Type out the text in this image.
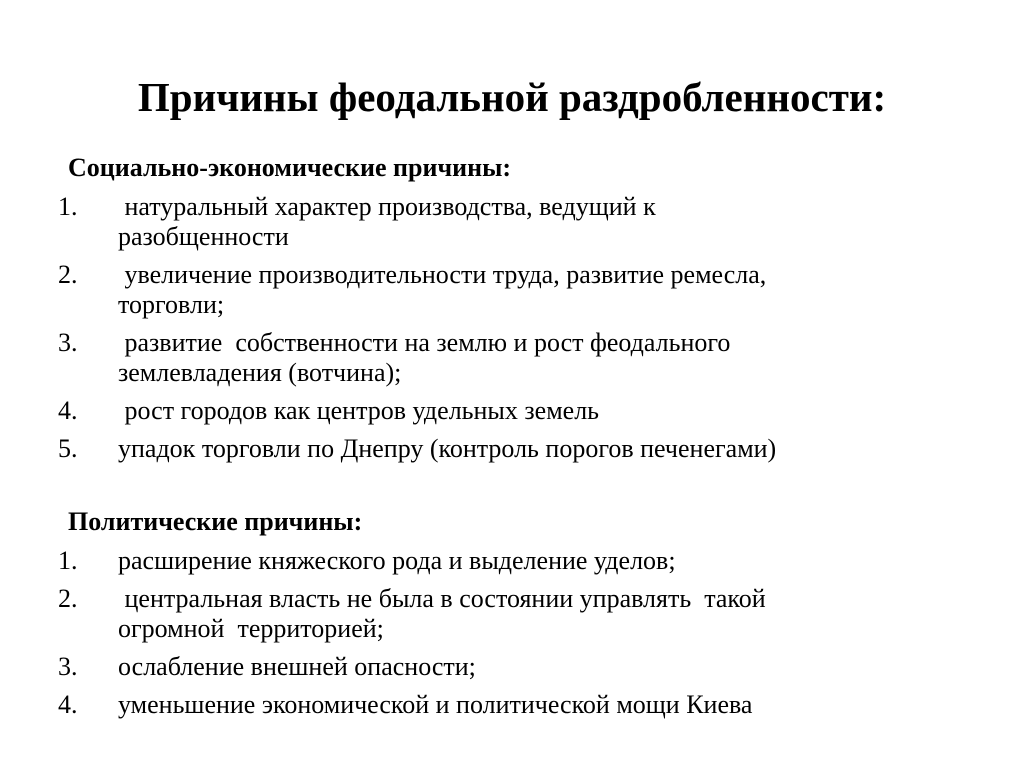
Причины феодальной раздробленности:
Социально-экономические причины:
1. натуральный характер производства, ведущий к
разобщенности
2. увеличение производительности труда, развитие ремесла,
торговли;
3. развитие  собственности на землю и рост феодального
землевладения (вотчина);
4. рост городов как центров удельных земель
5. упадок торговли по Днепру (контроль порогов печенегами)
Политические причины:
1. расширение княжеского рода и выделение уделов;
2. центральная власть не была в состоянии управлять  такой
огромной  территорией;
3. ослабление внешней опасности;
4. уменьшение экономической и политической мощи Киева
